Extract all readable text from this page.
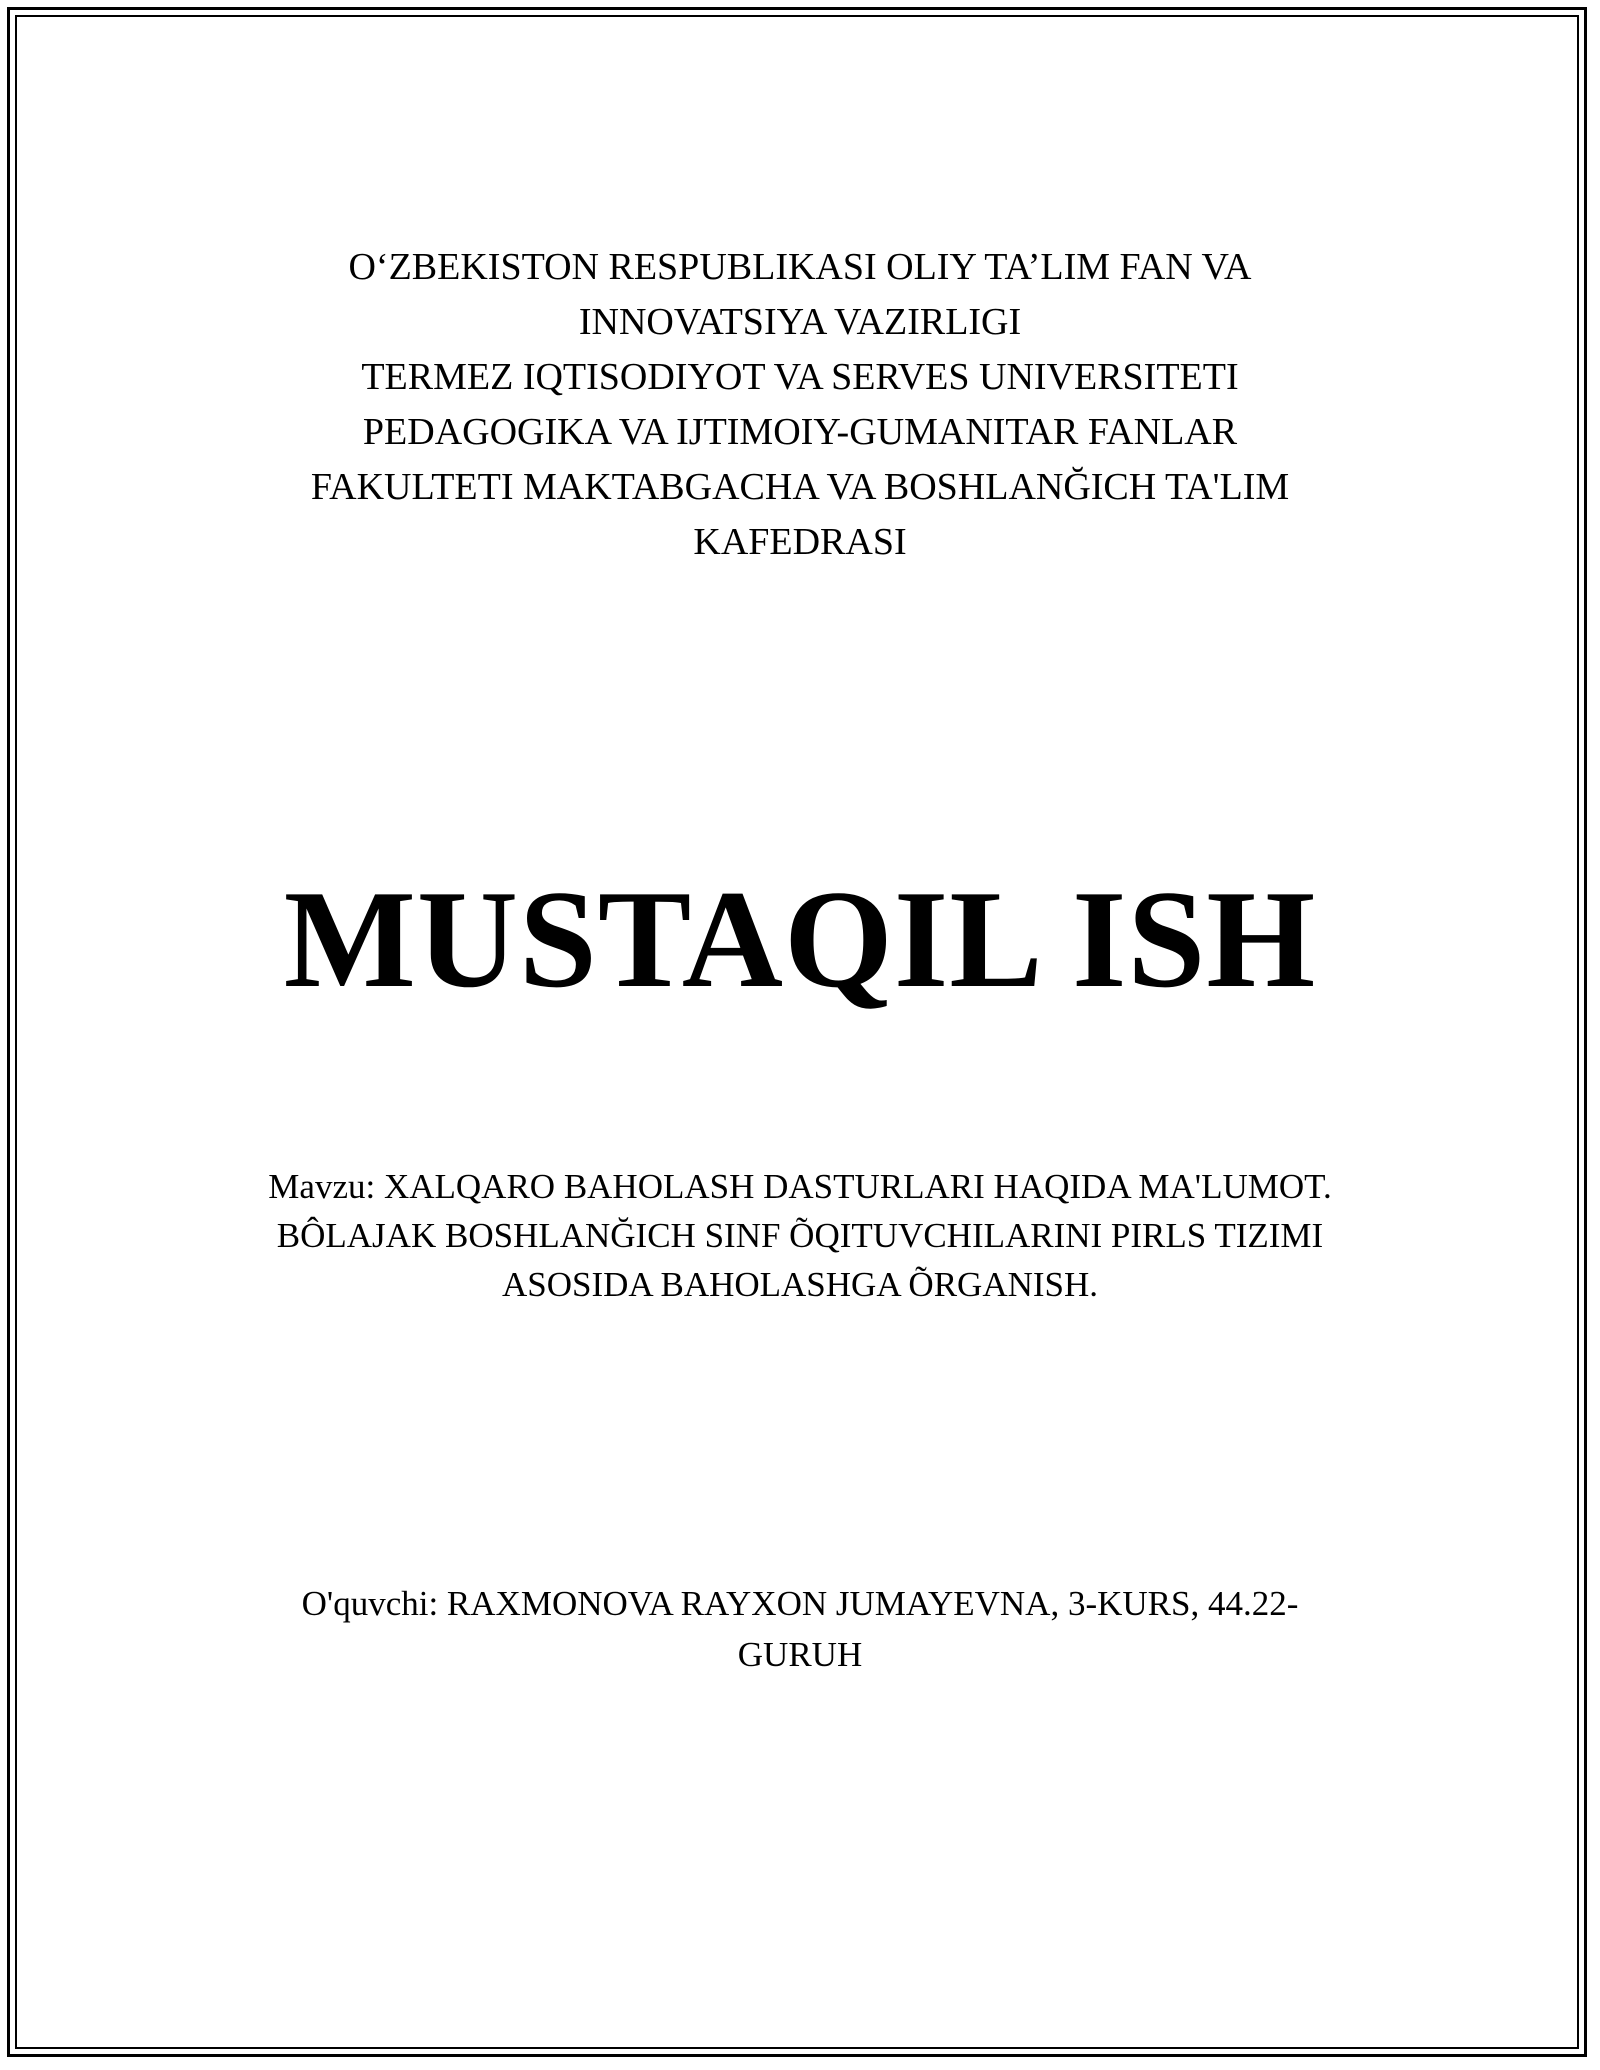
O‘ZBEKISTON RESPUBLIKASI OLIY TA’LIM FAN VA
INNOVATSIYA VAZIRLIGI
TERMEZ IQTISODIYOT VA SERVES UNIVERSITETI
PEDAGOGIKA VA IJTIMOIY-GUMANITAR FANLAR
FAKULTETI MAKTABGACHA VA BOSHLANĞICH TA'LIM
KAFEDRASI
MUSTAQIL ISH
Mavzu: XALQARO BAHOLASH DASTURLARI HAQIDA MA'LUMOT.
BÔLAJAK BOSHLANĞICH SINF ÕQITUVCHILARINI PIRLS TIZIMI
ASOSIDA BAHOLASHGA ÕRGANISH.
O'quvchi: RAXMONOVA RAYXON JUMAYEVNA, 3-KURS, 44.22-
GURUH
